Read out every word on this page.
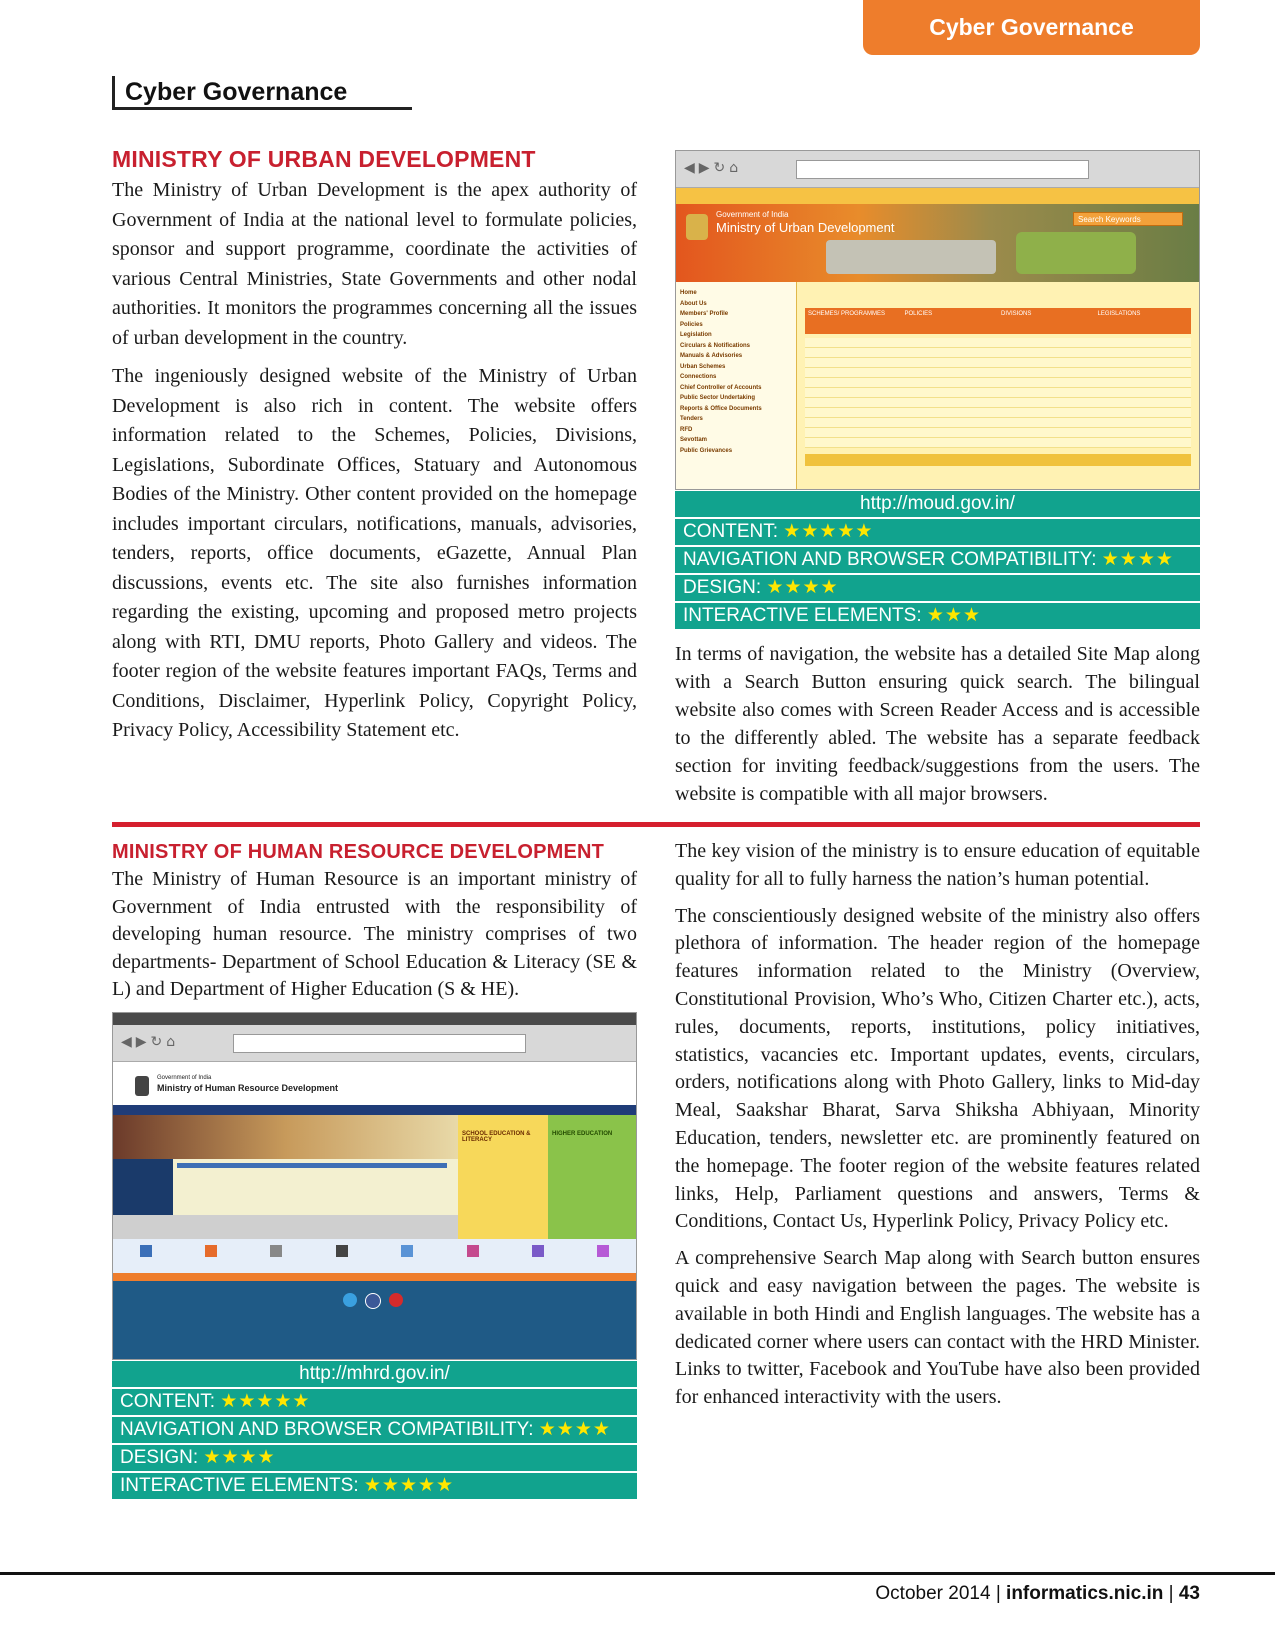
Cyber Governance
Cyber Governance
MINISTRY OF URBAN DEVELOPMENT

The Ministry of Urban Development is the apex authority of Government of India at the national level to formulate policies, sponsor and support programme, coordinate the activities of various Central Ministries, State Governments and other nodal authorities. It monitors the programmes concerning all the issues of urban development in the country.

The ingeniously designed website of the Ministry of Urban Development is also rich in content. The website offers information related to the Schemes, Policies, Divisions, Legislations, Subordinate Offices, Statuary and Autonomous Bodies of the Ministry. Other content provided on the homepage includes important circulars, notifications, manuals, advisories, tenders, reports, office documents, eGazette, Annual Plan discussions, events etc. The site also furnishes information regarding the existing, upcoming and proposed metro projects along with RTI, DMU reports, Photo Gallery and videos. The footer region of the website features important FAQs, Terms and Conditions, Disclaimer, Hyperlink Policy, Copyright Policy, Privacy Policy, Accessibility Statement etc.

◀▶↻⌂
Government of India
Ministry of Urban Development
Search Keywords
Home
About Us
Members' Profile
Policies
Legislation
Circulars & Notifications
Manuals & Advisories
Urban Schemes
Connections
Chief Controller of Accounts
Public Sector Undertaking
Reports & Office Documents
Tenders
RFD
Sevottam
Public Grievances
SCHEMES/ PROGRAMMES	POLICIES	DIVISIONS	LEGISLATIONS
http://moud.gov.in/
CONTENT: ★★★★★
NAVIGATION AND BROWSER COMPATIBILITY: ★★★★
DESIGN: ★★★★
INTERACTIVE ELEMENTS: ★★★

In terms of navigation, the website has a detailed Site Map along with a Search Button ensuring quick search. The bilingual website also comes with Screen Reader Access and is accessible to the differently abled. The website has a separate feedback section for inviting feedback/suggestions from the users. The website is compatible with all major browsers.

MINISTRY OF HUMAN RESOURCE DEVELOPMENT

The Ministry of Human Resource is an important ministry of Government of India entrusted with the responsibility of developing human resource. The ministry comprises of two departments- Department of School Education & Literacy (SE & L) and Department of Higher Education (S & HE).

◀▶↻⌂
Government of India
Ministry of Human Resource Development
SCHOOL EDUCATION & LITERACY
HIGHER EDUCATION
http://mhrd.gov.in/
CONTENT: ★★★★★
NAVIGATION AND BROWSER COMPATIBILITY: ★★★★
DESIGN: ★★★★
INTERACTIVE ELEMENTS: ★★★★★

The key vision of the ministry is to ensure education of equitable quality for all to fully harness the nation’s human potential.

The conscientiously designed website of the ministry also offers plethora of information. The header region of the homepage features information related to the Ministry (Overview, Constitutional Provision, Who’s Who, Citizen Charter etc.), acts, rules, documents, reports, institutions, policy initiatives, statistics, vacancies etc. Important updates, events, circulars, orders, notifications along with Photo Gallery, links to Mid-day Meal, Saakshar Bharat, Sarva Shiksha Abhiyaan, Minority Education, tenders, newsletter etc. are prominently featured on the homepage. The footer region of the website features related links, Help, Parliament questions and answers, Terms & Conditions, Contact Us, Hyperlink Policy, Privacy Policy etc.

A comprehensive Search Map along with Search button ensures quick and easy navigation between the pages. The website is available in both Hindi and English languages. The website has a dedicated corner where users can contact with the HRD Minister. Links to twitter, Facebook and YouTube have also been provided for enhanced interactivity with the users.

October 2014 | informatics.nic.in | 43
